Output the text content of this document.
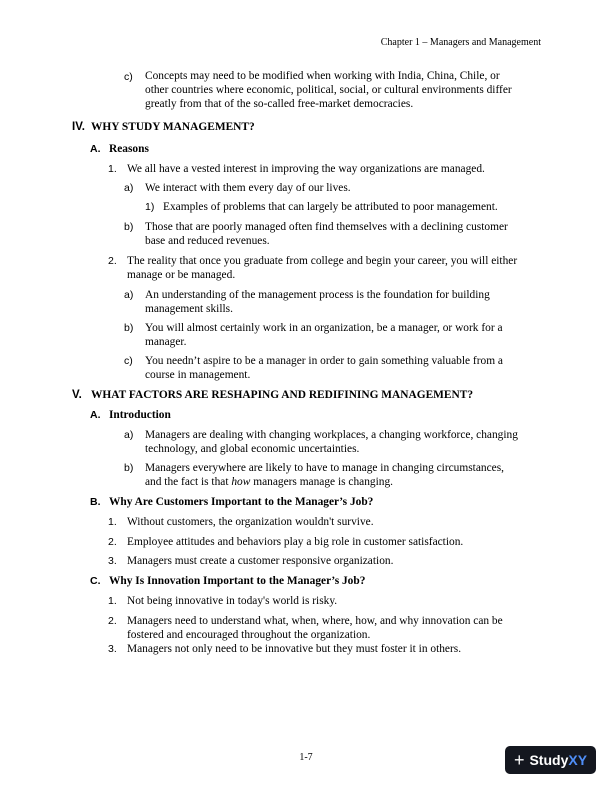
Chapter 1 – Managers and Management
c) Concepts may need to be modified when working with India, China, Chile, or
other countries where economic, political, social, or cultural environments differ
greatly from that of the so-called free-market democracies.
IV. WHY STUDY MANAGEMENT?
A. Reasons
1. We all have a vested interest in improving the way organizations are managed.
a) We interact with them every day of our lives.
1) Examples of problems that can largely be attributed to poor management.
b) Those that are poorly managed often find themselves with a declining customer
base and reduced revenues.
2. The reality that once you graduate from college and begin your career, you will either
manage or be managed.
a) An understanding of the management process is the foundation for building
management skills.
b) You will almost certainly work in an organization, be a manager, or work for a
manager.
c) You needn’t aspire to be a manager in order to gain something valuable from a
course in management.
V. WHAT FACTORS ARE RESHAPING AND REDIFINING MANAGEMENT?
A. Introduction
a) Managers are dealing with changing workplaces, a changing workforce, changing
technology, and global economic uncertainties.
b) Managers everywhere are likely to have to manage in changing circumstances,
and the fact is that how managers manage is changing.
B. Why Are Customers Important to the Manager’s Job?
1. Without customers, the organization wouldn't survive.
2. Employee attitudes and behaviors play a big role in customer satisfaction.
3. Managers must create a customer responsive organization.
C. Why Is Innovation Important to the Manager’s Job?
1. Not being innovative in today's world is risky.
2. Managers need to understand what, when, where, how, and why innovation can be
fostered and encouraged throughout the organization.
3. Managers not only need to be innovative but they must foster it in others.
1-7	+ Study XY
